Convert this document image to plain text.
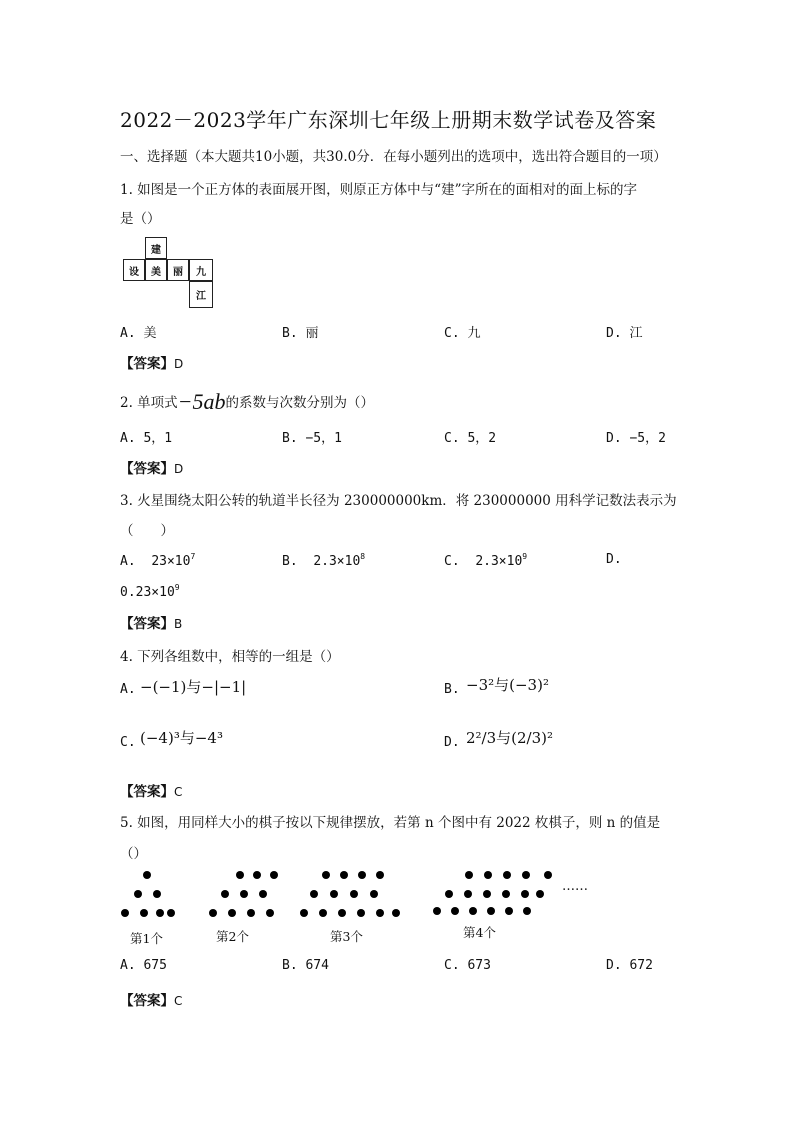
2022－2023学年广东深圳七年级上册期末数学试卷及答案
一、选择题（本大题共10小题，共30.0分．在每小题列出的选项中，选出符合题目的一项）
1. 如图是一个正方体的表面展开图，则原正方体中与“建”字所在的面相对的面上标的字
是（）
建
设	美	丽	九
江
A. 美	B. 丽	C. 九	D. 江
【答案】D
2. 单项式−5ab的系数与次数分别为（）
A. 5，1	B. −5，1	C. 5，2	D. −5，2
【答案】D
3. 火星围绕太阳公转的轨道半长径为 230000000km．将 230000000 用科学记数法表示为
（　　）
A. $23\times 10^7$	B. $2.3\times 10^8$	C. $2.3\times 10^9$	D.
$0.23\times 10^9$
【答案】B
4. 下列各组数中，相等的一组是（）
A. −(−1)与−|−1|	B. −3²与(−3)²
C. (−4)³与−4³	D. 2²/3与(2/3)²
【答案】C
5. 如图，用同样大小的棋子按以下规律摆放，若第 n 个图中有 2022 枚棋子，则 n 的值是
（）
……
第1个	第2个	第3个	第4个
A. 675	B. 674	C. 673	D. 672
【答案】C
